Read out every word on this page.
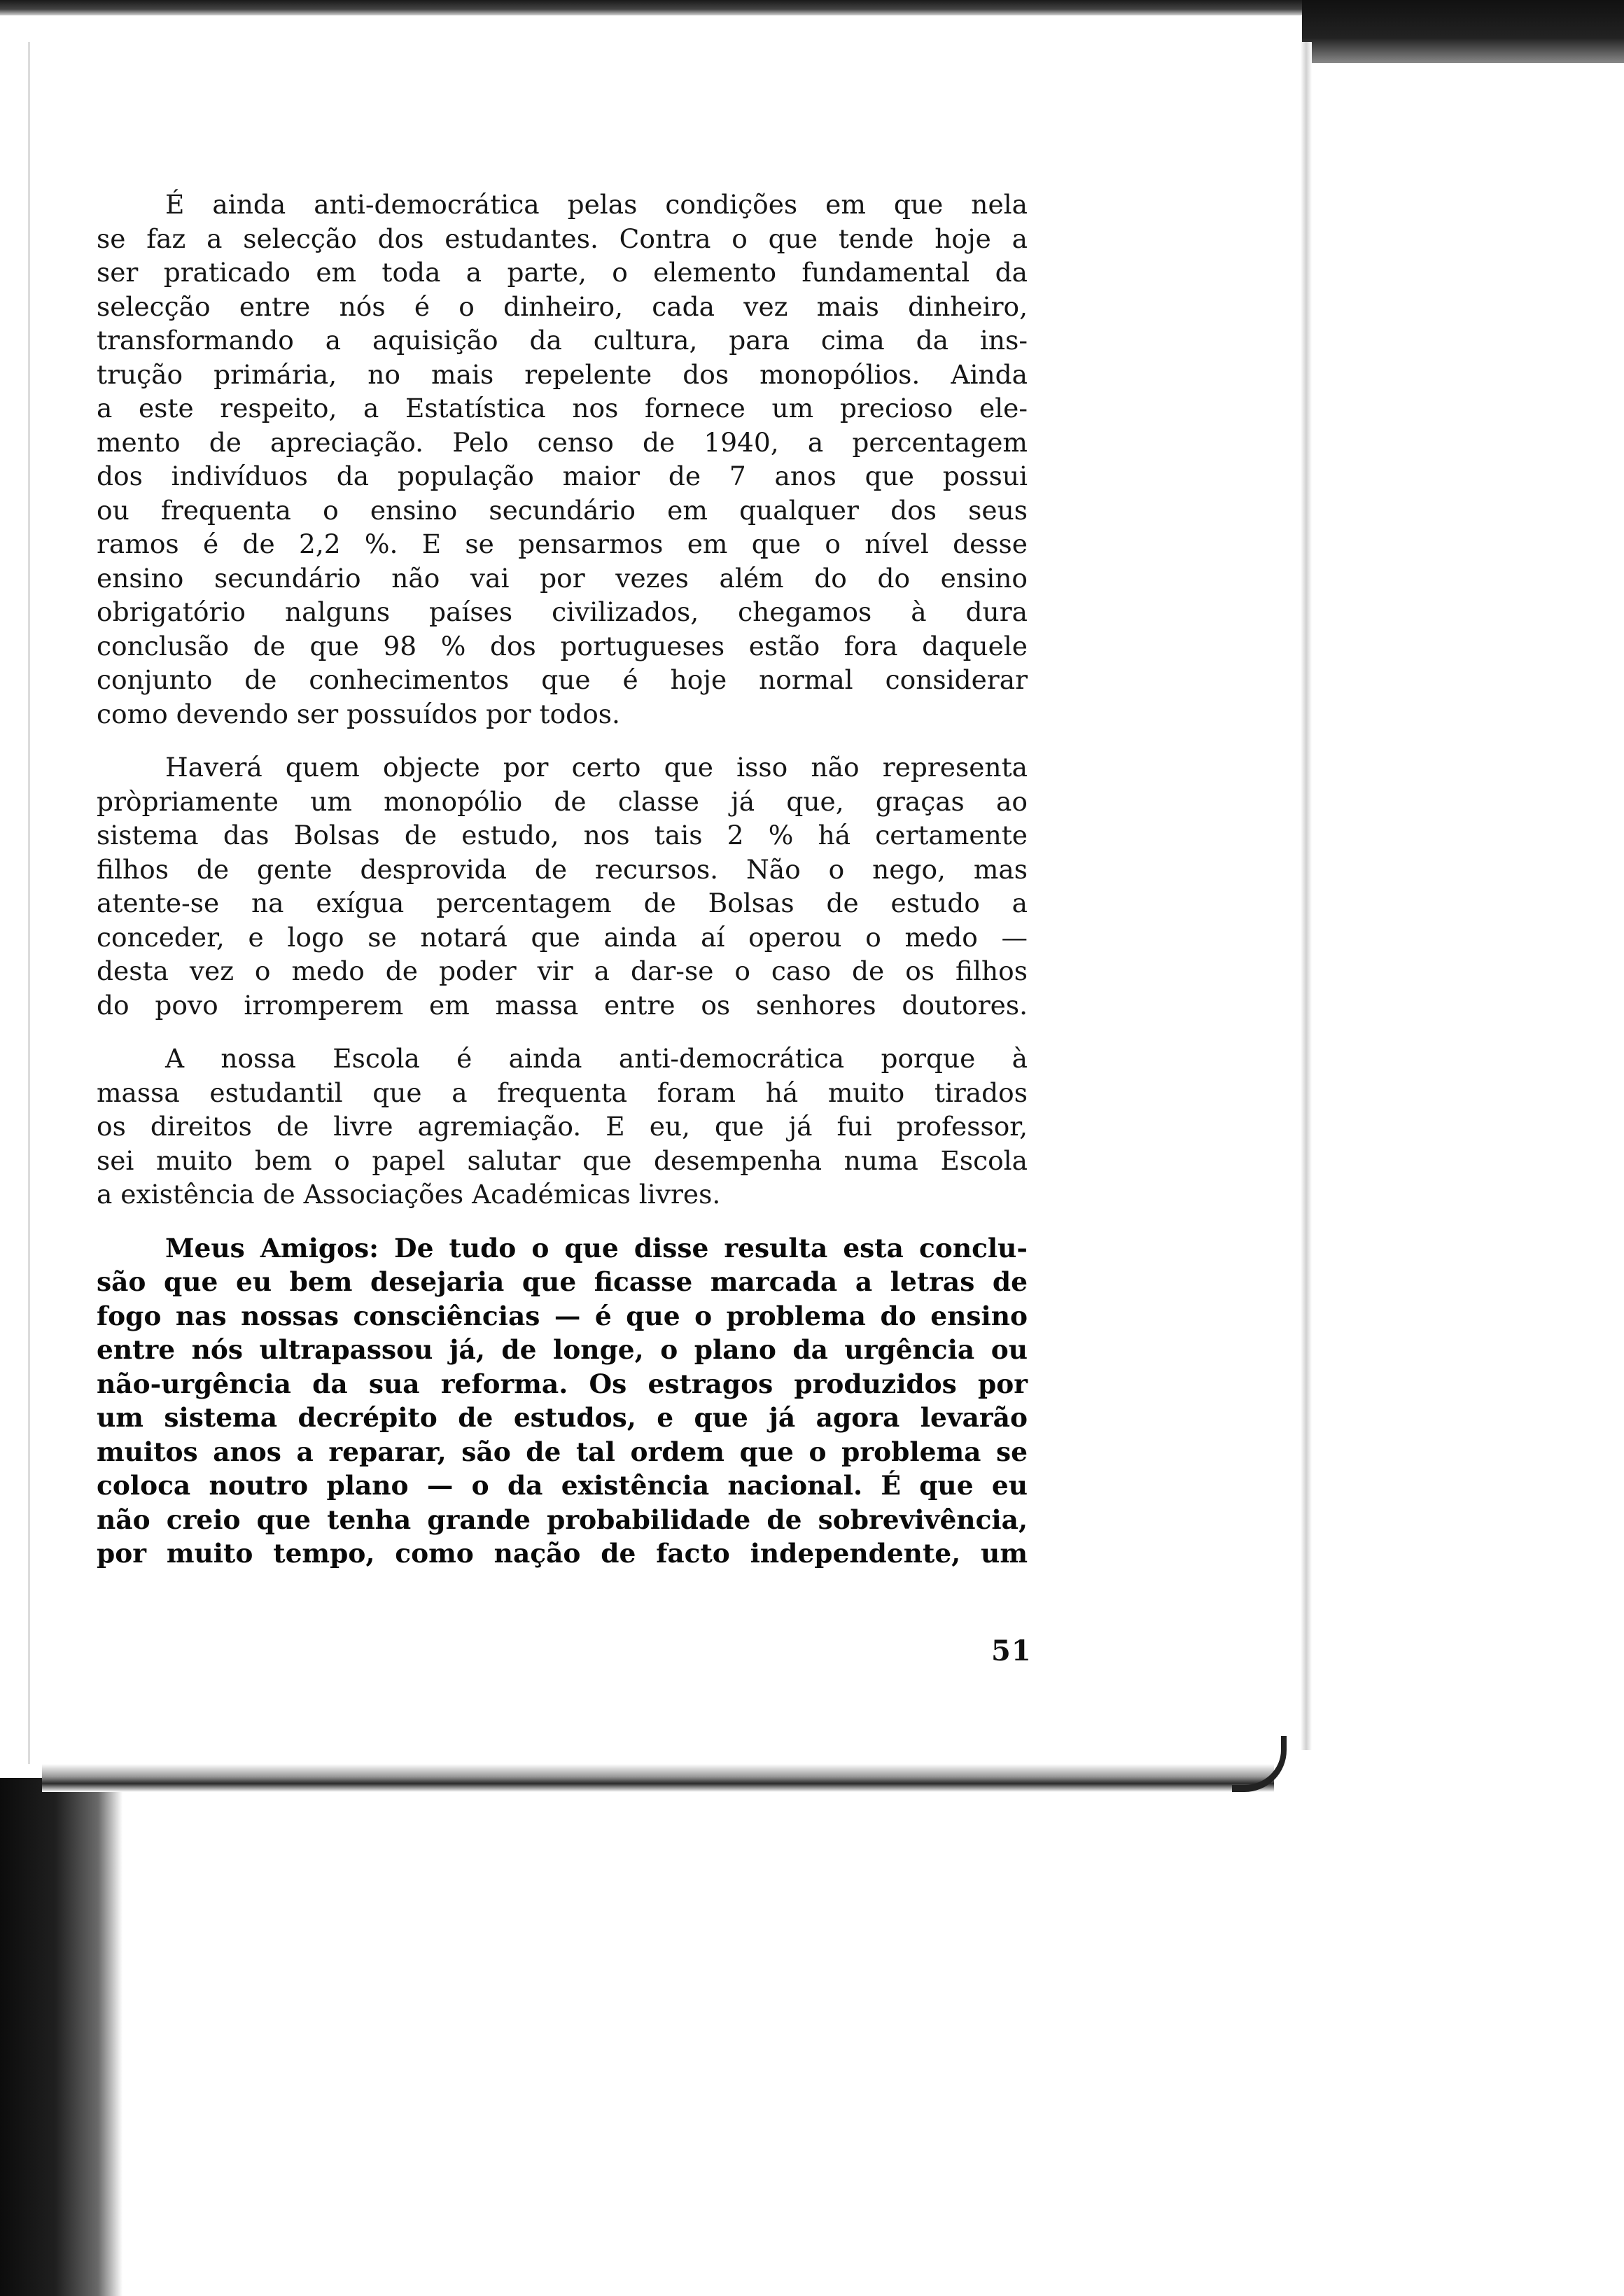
É ainda anti-democrática pelas condições em que nela
se faz a selecção dos estudantes. Contra o que tende hoje a
ser praticado em toda a parte, o elemento fundamental da
selecção entre nós é o dinheiro, cada vez mais dinheiro,
transformando a aquisição da cultura, para cima da ins-
trução primária, no mais repelente dos monopólios. Ainda
a este respeito, a Estatística nos fornece um precioso ele-
mento de apreciação. Pelo censo de 1940, a percentagem
dos indivíduos da população maior de 7 anos que possui
ou frequenta o ensino secundário em qualquer dos seus
ramos é de 2,2 %. E se pensarmos em que o nível desse
ensino secundário não vai por vezes além do do ensino
obrigatório nalguns países civilizados, chegamos à dura
conclusão de que 98 % dos portugueses estão fora daquele
conjunto de conhecimentos que é hoje normal considerar
como devendo ser possuídos por todos.

Haverá quem objecte por certo que isso não representa
pròpriamente um monopólio de classe já que, graças ao
sistema das Bolsas de estudo, nos tais 2 % há certamente
filhos de gente desprovida de recursos. Não o nego, mas
atente-se na exígua percentagem de Bolsas de estudo a
conceder, e logo se notará que ainda aí operou o medo —
desta vez o medo de poder vir a dar-se o caso de os filhos
do povo irromperem em massa entre os senhores doutores.

A nossa Escola é ainda anti-democrática porque à
massa estudantil que a frequenta foram há muito tirados
os direitos de livre agremiação. E eu, que já fui professor,
sei muito bem o papel salutar que desempenha numa Escola
a existência de Associações Académicas livres.

Meus Amigos: De tudo o que disse resulta esta conclu-
são que eu bem desejaria que ficasse marcada a letras de
fogo nas nossas consciências — é que o problema do ensino
entre nós ultrapassou já, de longe, o plano da urgência ou
não-urgência da sua reforma. Os estragos produzidos por
um sistema decrépito de estudos, e que já agora levarão
muitos anos a reparar, são de tal ordem que o problema se
coloca noutro plano — o da existência nacional. É que eu
não creio que tenha grande probabilidade de sobrevivência,
por muito tempo, como nação de facto independente, um

51
